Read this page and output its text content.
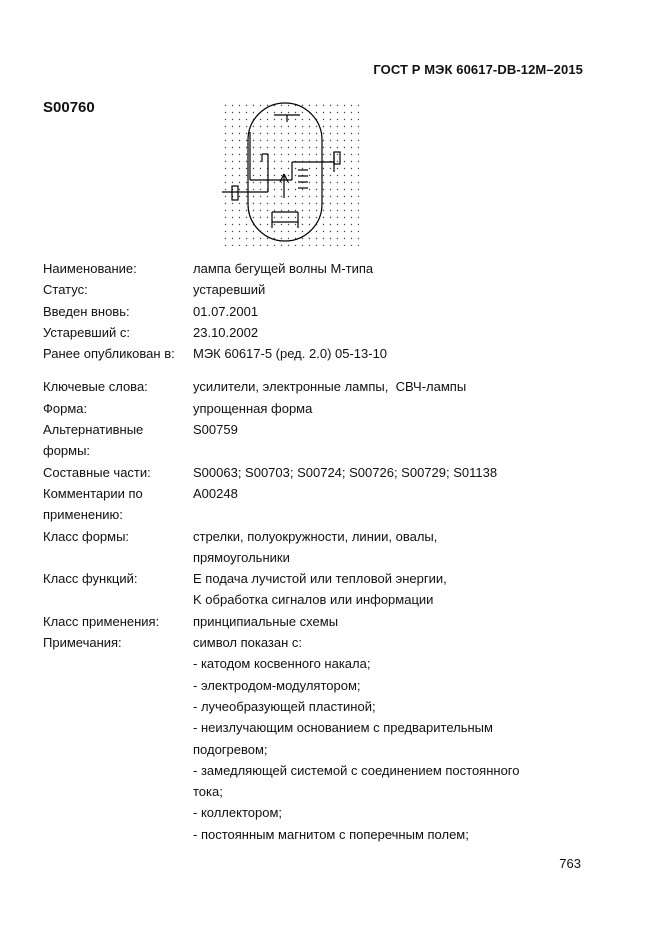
ГОСТ Р МЭК 60617-DB-12M–2015
S00760
Наименование:	лампа бегущей волны М-типа
Статус:	устаревший
Введен вновь:	01.07.2001
Устаревший с:	23.10.2002
Ранее опубликован в:	МЭК 60617-5 (ред. 2.0) 05-13-10
Ключевые слова:	усилители, электронные лампы,  СВЧ-лампы
Форма:	упрощенная форма
Альтернативные	S00759
формы:
Составные части:	S00063; S00703; S00724; S00726; S00729; S01138
Комментарии по	A00248
применению:
Класс формы:	стрелки, полуокружности, линии, овалы,
прямоугольники
Класс функций:	E подача лучистой или тепловой энергии,
K обработка сигналов или информации
Класс применения:	принципиальные схемы
Примечания:	символ показан с:
- катодом косвенного накала;
- электродом-модулятором;
- лучеобразующей пластиной;
- неизлучающим основанием с предварительным
подогревом;
- замедляющей системой с соединением постоянного
тока;
- коллектором;
- постоянным магнитом с поперечным полем;
763
